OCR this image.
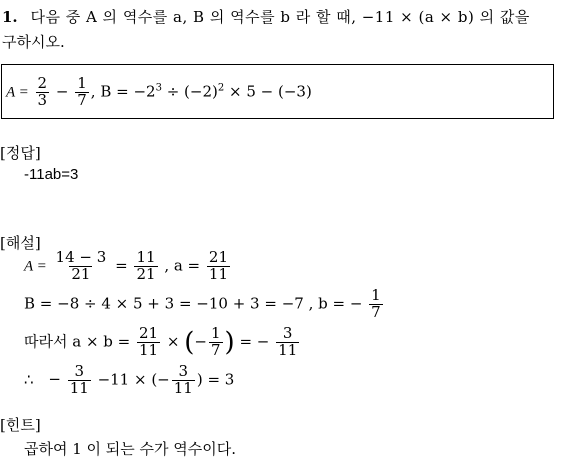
1. 다음 중 A 의 역수를 a, B 의 역수를 b 라 할 때, −11 × (a × b) 의 값을
구하시오.
$A = \frac{2}{3} - \frac{1}{7}$ , $B = -2^3 \div (-2)^2 \times 5 - (-3)$
[정답]
-11ab=3
[해설]
$A = \frac{14 - 3}{21} = \frac{11}{21}$ , $a = \frac{21}{11}$
B = −8 ÷ 4 × 5 + 3 = −10 + 3 = −7 , b = − $\frac{1}{7}$
따라서 $a \times b = \frac{21}{11}$ × (− $\frac{1}{7}$ ) = − $\frac{3}{11}$
∴ − $\frac{3}{11} -11$ × (− $\frac{3}{11}$ ) = 3
[힌트]
곱하여 1 이 되는 수가 역수이다.
